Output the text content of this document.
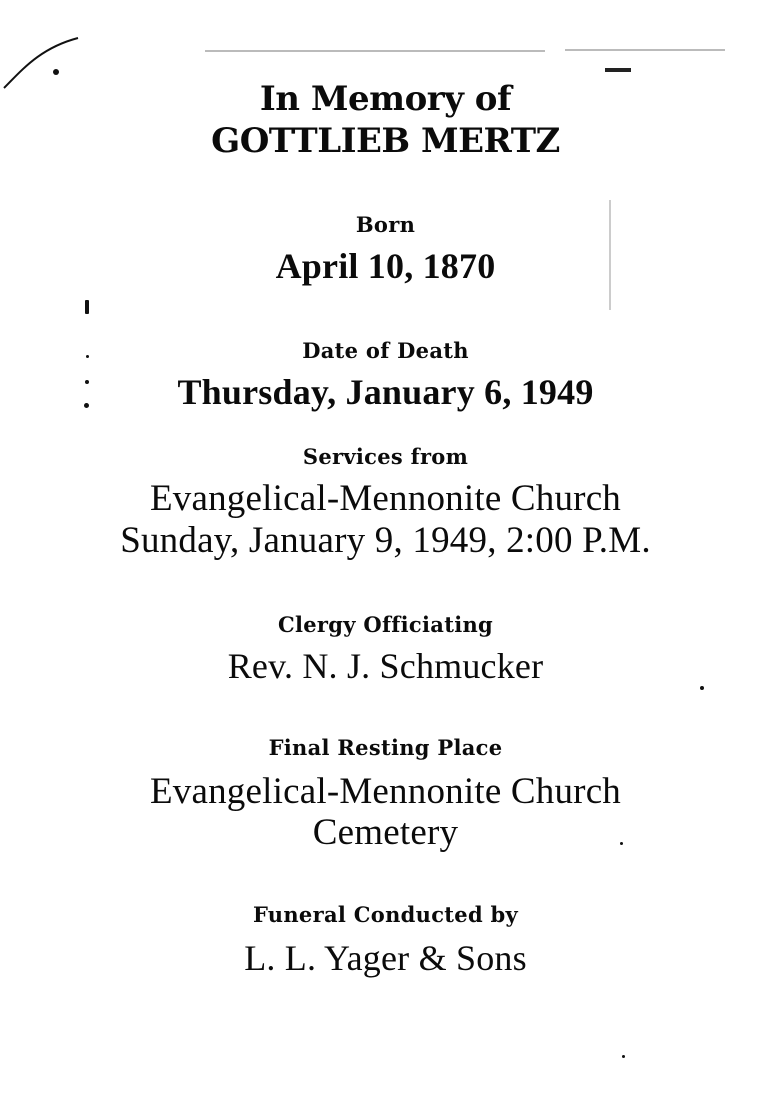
In Memory of
GOTTLIEB MERTZ
Born
April 10, 1870
Date of Death
Thursday, January 6, 1949
Services from
Evangelical-Mennonite Church
Sunday, January 9, 1949, 2:00 P.M.
Clergy Officiating
Rev. N. J. Schmucker
Final Resting Place
Evangelical-Mennonite Church
Cemetery
Funeral Conducted by
L. L. Yager & Sons
